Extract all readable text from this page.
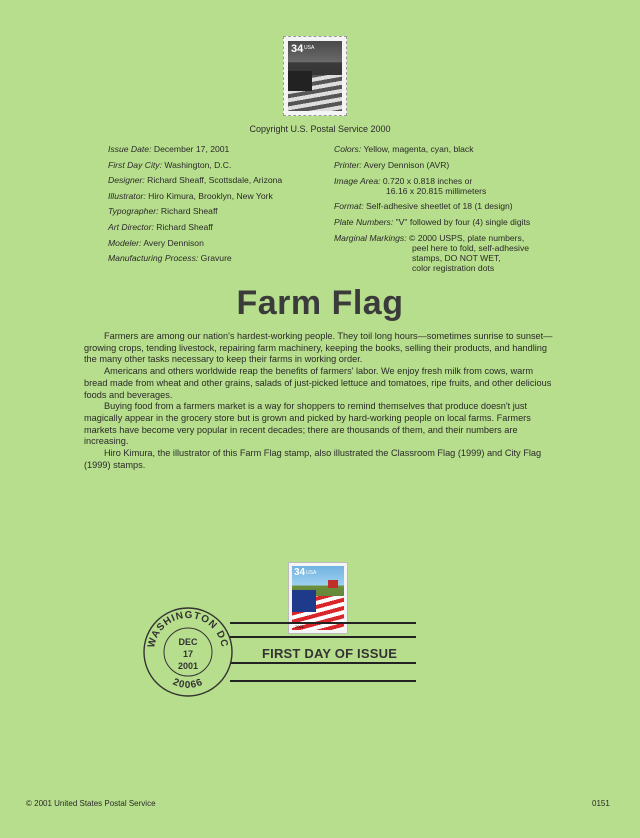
34 USA
Copyright U.S. Postal Service 2000
Issue Date: December 17, 2001
First Day City: Washington, D.C.
Designer: Richard Sheaff, Scottsdale, Arizona
Illustrator: Hiro Kimura, Brooklyn, New York
Typographer: Richard Sheaff
Art Director: Richard Sheaff
Modeler: Avery Dennison
Manufacturing Process: Gravure
Colors: Yellow, magenta, cyan, black
Printer: Avery Dennison (AVR)
Image Area: 0.720 x 0.818 inches or
16.16 x 20.815 millimeters
Format: Self-adhesive sheetlet of 18 (1 design)
Plate Numbers: "V" followed by four (4) single digits
Marginal Markings: © 2000 USPS, plate numbers,
peel here to fold, self-adhesive
stamps, DO NOT WET,
color registration dots
Farm Flag

Farmers are among our nation's hardest-working people. They toil long hours—sometimes sunrise to sunset—growing crops, tending livestock, repairing farm machinery, keeping the books, selling their products, and handling the many other tasks necessary to keep their farms in working order.

Americans and others worldwide reap the benefits of farmers' labor. We enjoy fresh milk from cows, warm bread made from wheat and other grains, salads of just-picked lettuce and tomatoes, ripe fruits, and other delicious foods and beverages.

Buying food from a farmers market is a way for shoppers to remind themselves that produce doesn't just magically appear in the grocery store but is grown and picked by hard-working people on local farms. Farmers markets have become very popular in recent decades; there are thousands of them, and their numbers are increasing.

Hiro Kimura, the illustrator of this Farm Flag stamp, also illustrated the Classroom Flag (1999) and City Flag (1999) stamps.

34 USA
2001
FIRST DAY OF ISSUE
WASHINGTON DC
20066
DEC
17
2001
© 2001 United States Postal Service	0151
